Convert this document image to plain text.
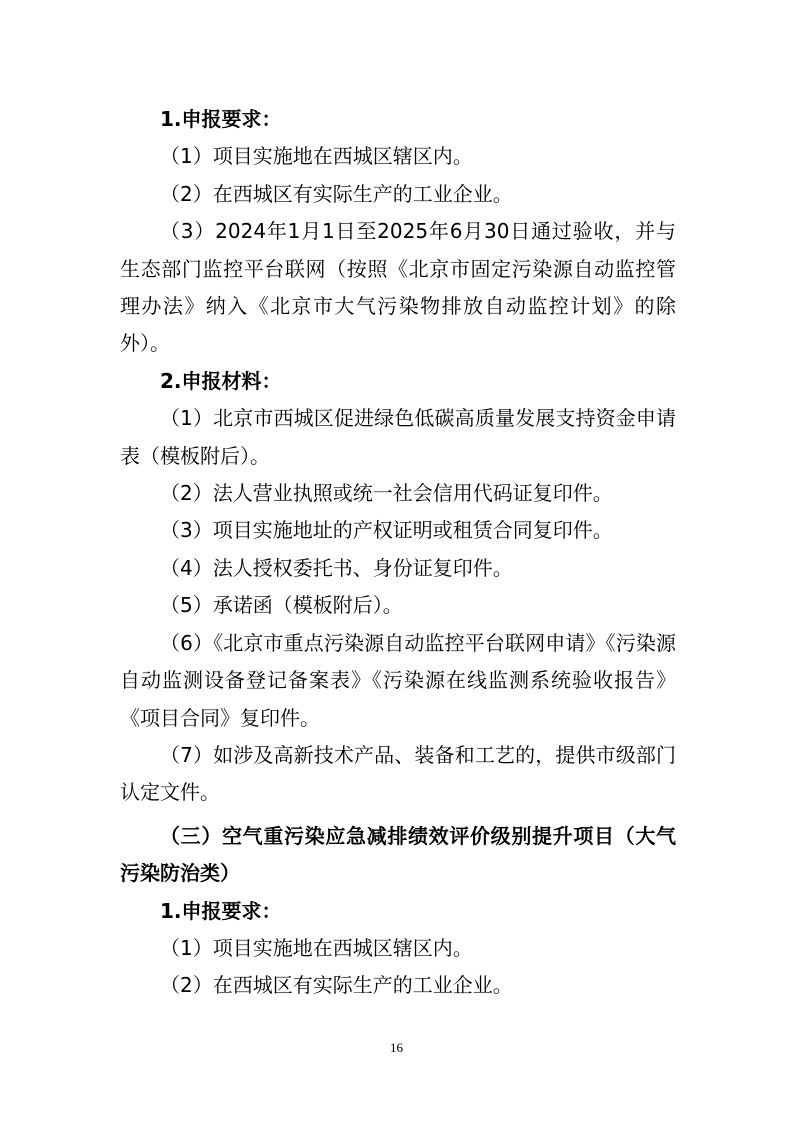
1.申报要求：

（1）项目实施地在西城区辖区内。

（2）在西城区有实际生产的工业企业。

（3）2024年1月1日至2025年6月30日通过验收，并与生态部门监控平台联网（按照《北京市固定污染源自动监控管理办法》纳入《北京市大气污染物排放自动监控计划》的除外）。

2.申报材料：

（1）北京市西城区促进绿色低碳高质量发展支持资金申请表（模板附后）。

（2）法人营业执照或统一社会信用代码证复印件。

（3）项目实施地址的产权证明或租赁合同复印件。

（4）法人授权委托书、身份证复印件。

（5）承诺函（模板附后）。

（6）《北京市重点污染源自动监控平台联网申请》《污染源自动监测设备登记备案表》《污染源在线监测系统验收报告》《项目合同》复印件。

（7）如涉及高新技术产品、装备和工艺的，提供市级部门认定文件。

（三）空气重污染应急减排绩效评价级别提升项目（大气污染防治类）

1.申报要求：

（1）项目实施地在西城区辖区内。

（2）在西城区有实际生产的工业企业。

16
